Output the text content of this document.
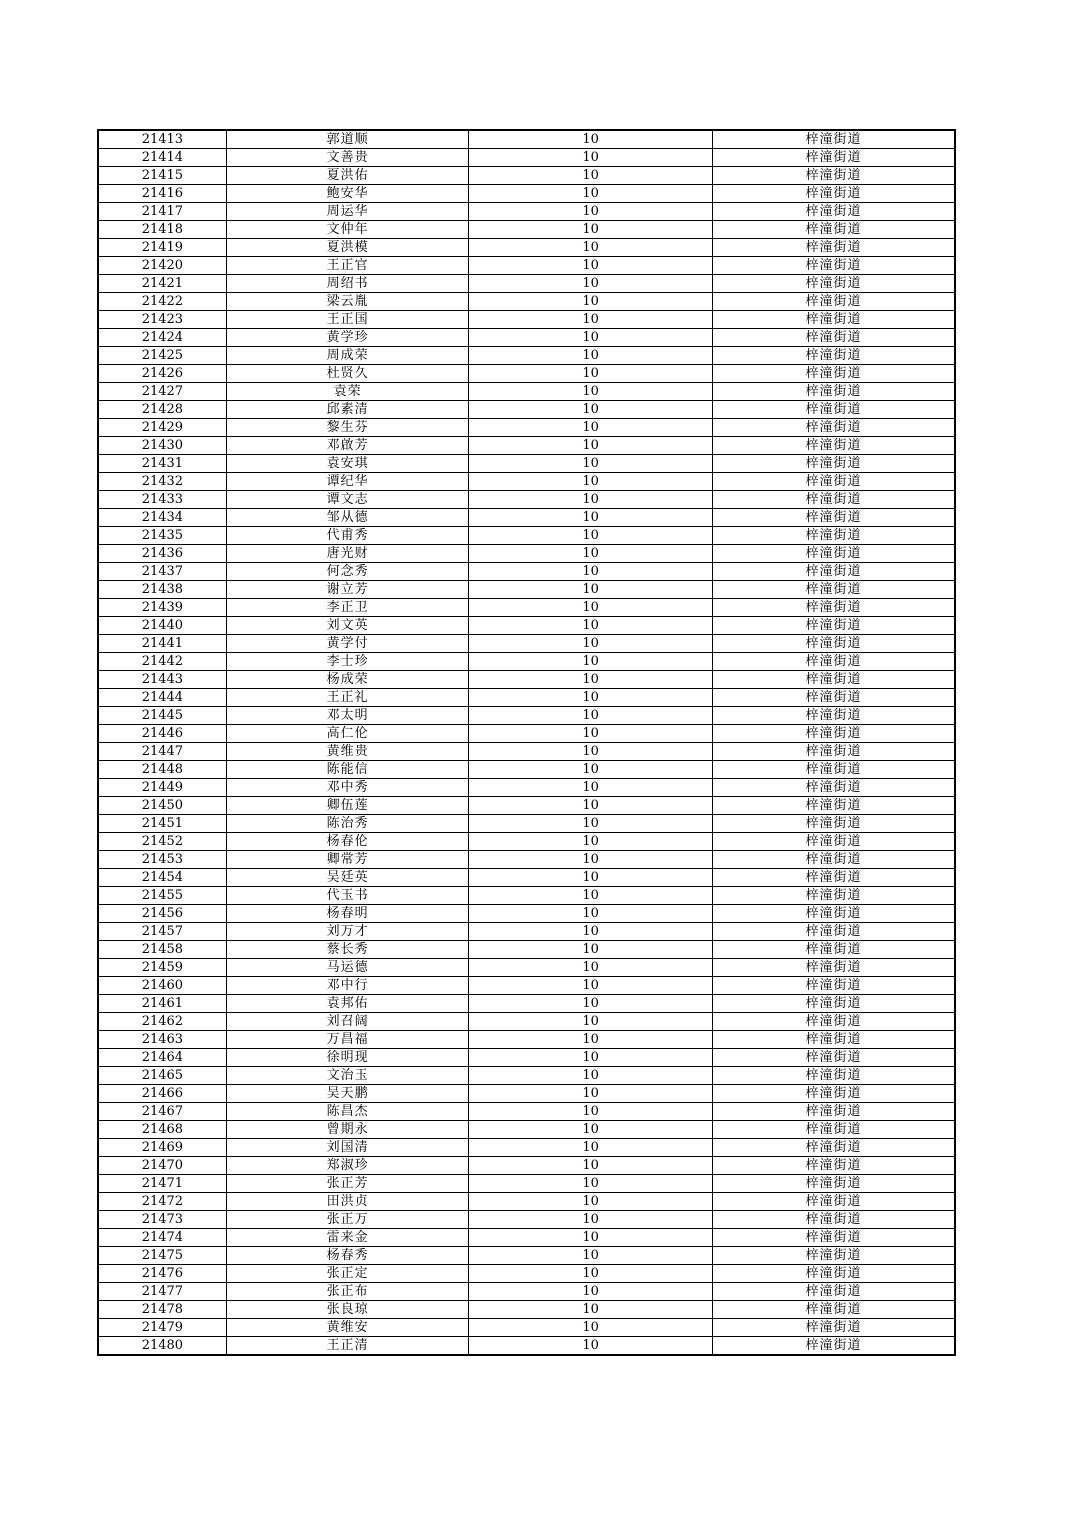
21413	郭道顺	10	梓潼街道
21414	文善贵	10	梓潼街道
21415	夏洪佑	10	梓潼街道
21416	鲍安华	10	梓潼街道
21417	周运华	10	梓潼街道
21418	文仲年	10	梓潼街道
21419	夏洪模	10	梓潼街道
21420	王正官	10	梓潼街道
21421	周绍书	10	梓潼街道
21422	梁云胤	10	梓潼街道
21423	王正国	10	梓潼街道
21424	黄学珍	10	梓潼街道
21425	周成荣	10	梓潼街道
21426	杜贤久	10	梓潼街道
21427	袁荣	10	梓潼街道
21428	邱素清	10	梓潼街道
21429	黎生芬	10	梓潼街道
21430	邓啟芳	10	梓潼街道
21431	袁安琪	10	梓潼街道
21432	谭纪华	10	梓潼街道
21433	谭文志	10	梓潼街道
21434	邹从德	10	梓潼街道
21435	代甫秀	10	梓潼街道
21436	唐光财	10	梓潼街道
21437	何念秀	10	梓潼街道
21438	谢立芳	10	梓潼街道
21439	李正卫	10	梓潼街道
21440	刘文英	10	梓潼街道
21441	黄学付	10	梓潼街道
21442	李士珍	10	梓潼街道
21443	杨成荣	10	梓潼街道
21444	王正礼	10	梓潼街道
21445	邓太明	10	梓潼街道
21446	高仁伦	10	梓潼街道
21447	黄维贵	10	梓潼街道
21448	陈能信	10	梓潼街道
21449	邓中秀	10	梓潼街道
21450	卿伍莲	10	梓潼街道
21451	陈治秀	10	梓潼街道
21452	杨春伦	10	梓潼街道
21453	卿常芳	10	梓潼街道
21454	吴廷英	10	梓潼街道
21455	代玉书	10	梓潼街道
21456	杨春明	10	梓潼街道
21457	刘万才	10	梓潼街道
21458	蔡长秀	10	梓潼街道
21459	马运德	10	梓潼街道
21460	邓中行	10	梓潼街道
21461	袁邦佑	10	梓潼街道
21462	刘召阔	10	梓潼街道
21463	万昌福	10	梓潼街道
21464	徐明现	10	梓潼街道
21465	文治玉	10	梓潼街道
21466	吴天鹏	10	梓潼街道
21467	陈昌杰	10	梓潼街道
21468	曾期永	10	梓潼街道
21469	刘国清	10	梓潼街道
21470	郑淑珍	10	梓潼街道
21471	张正芳	10	梓潼街道
21472	田洪贞	10	梓潼街道
21473	张正万	10	梓潼街道
21474	雷来金	10	梓潼街道
21475	杨春秀	10	梓潼街道
21476	张正定	10	梓潼街道
21477	张正布	10	梓潼街道
21478	张良琼	10	梓潼街道
21479	黄维安	10	梓潼街道
21480	王正清	10	梓潼街道
